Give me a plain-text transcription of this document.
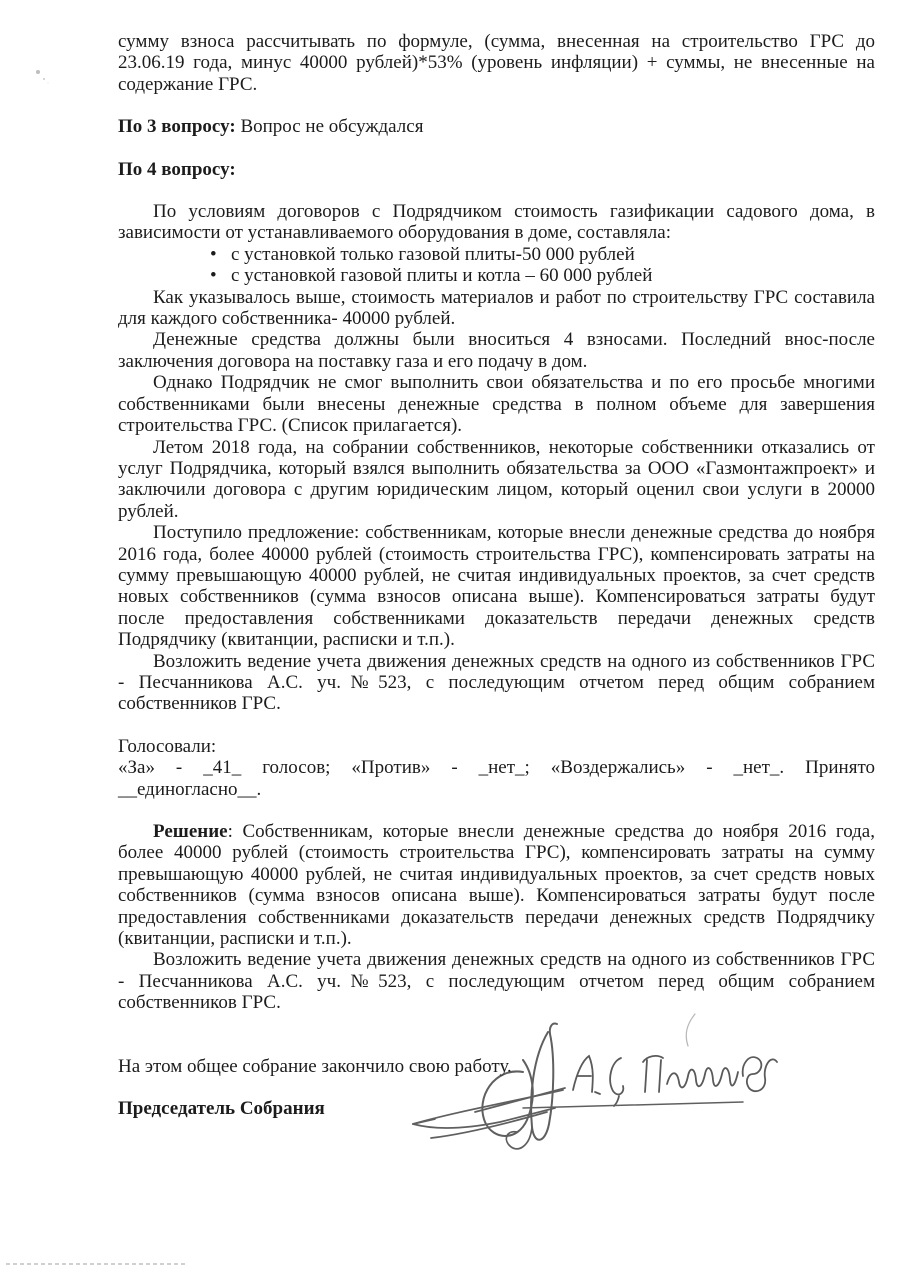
сумму взноса рассчитывать по формуле, (сумма, внесенная на строительство ГРС до 23.06.19 года, минус 40000 рублей)*53% (уровень инфляции) + суммы, не внесенные на содержание ГРС.

По 3 вопросу: Вопрос не обсуждался

По 4 вопросу:

По условиям договоров с Подрядчиком стоимость газификации садового дома, в зависимости от устанавливаемого оборудования в доме, составляла:

• с установкой только газовой плиты-50 000 рублей
• с установкой газовой плиты и котла – 60 000 рублей

Как указывалось выше, стоимость материалов и работ по строительству ГРС составила для каждого собственника- 40000 рублей.

Денежные средства должны были вноситься 4 взносами. Последний внос-после заключения договора на поставку газа и его подачу в дом.

Однако Подрядчик не смог выполнить свои обязательства и по его просьбе многими собственниками были внесены денежные средства в полном объеме для завершения строительства ГРС. (Список прилагается).

Летом 2018 года, на собрании собственников, некоторые собственники отказались от услуг Подрядчика, который взялся выполнить обязательства за ООО «Газмонтажпроект» и заключили договора с другим юридическим лицом, который оценил свои услуги в 20000 рублей.

Поступило предложение: собственникам, которые внесли денежные средства до ноября 2016 года, более 40000 рублей (стоимость строительства ГРС), компенсировать затраты на сумму превышающую 40000 рублей, не считая индивидуальных проектов, за счет средств новых собственников (сумма взносов описана выше). Компенсироваться затраты будут после предоставления собственниками доказательств передачи денежных средств Подрядчику (квитанции, расписки и т.п.).

Возложить ведение учета движения денежных средств на одного из собственников ГРС - Песчанникова А.С. уч.№523, с последующим отчетом перед общим собранием собственников ГРС.

Голосовали:

«За» - _41_ голосов; «Против» - _нет_; «Воздержались» - _нет_. Принято
__единогласно__.

Решение: Собственникам, которые внесли денежные средства до ноября 2016 года, более 40000 рублей (стоимость строительства ГРС), компенсировать затраты на сумму превышающую 40000 рублей, не считая индивидуальных проектов, за счет средств новых собственников (сумма взносов описана выше). Компенсироваться затраты будут после предоставления собственниками доказательств передачи денежных средств Подрядчику (квитанции, расписки и т.п.).

Возложить ведение учета движения денежных средств на одного из собственников ГРС - Песчанникова А.С. уч.№523, с последующим отчетом перед общим собранием собственников ГРС.

На этом общее собрание закончило свою работу.

Председатель Собрания
